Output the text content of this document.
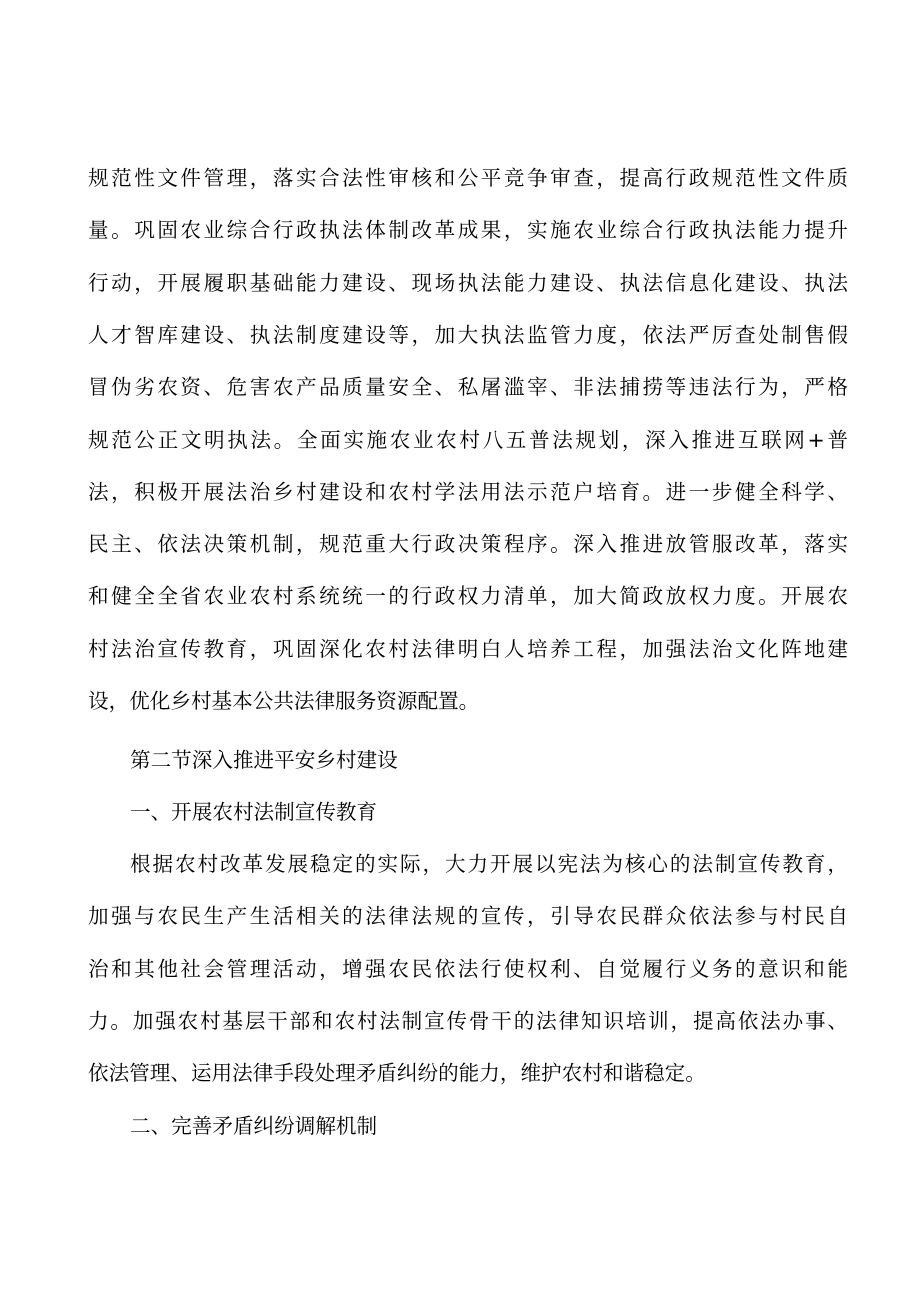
规范性文件管理，落实合法性审核和公平竞争审查，提高行政规范性文件质
量。巩固农业综合行政执法体制改革成果，实施农业综合行政执法能力提升
行动，开展履职基础能力建设、现场执法能力建设、执法信息化建设、执法
人才智库建设、执法制度建设等，加大执法监管力度，依法严厉查处制售假
冒伪劣农资、危害农产品质量安全、私屠滥宰、非法捕捞等违法行为，严格
规范公正文明执法。全面实施农业农村八五普法规划，深入推进互联网+普
法，积极开展法治乡村建设和农村学法用法示范户培育。进一步健全科学、
民主、依法决策机制，规范重大行政决策程序。深入推进放管服改革，落实
和健全全省农业农村系统统一的行政权力清单，加大简政放权力度。开展农
村法治宣传教育，巩固深化农村法律明白人培养工程，加强法治文化阵地建
设，优化乡村基本公共法律服务资源配置。
第二节深入推进平安乡村建设
一、开展农村法制宣传教育
根据农村改革发展稳定的实际，大力开展以宪法为核心的法制宣传教育，
加强与农民生产生活相关的法律法规的宣传，引导农民群众依法参与村民自
治和其他社会管理活动，增强农民依法行使权利、自觉履行义务的意识和能
力。加强农村基层干部和农村法制宣传骨干的法律知识培训，提高依法办事、
依法管理、运用法律手段处理矛盾纠纷的能力，维护农村和谐稳定。
二、完善矛盾纠纷调解机制
